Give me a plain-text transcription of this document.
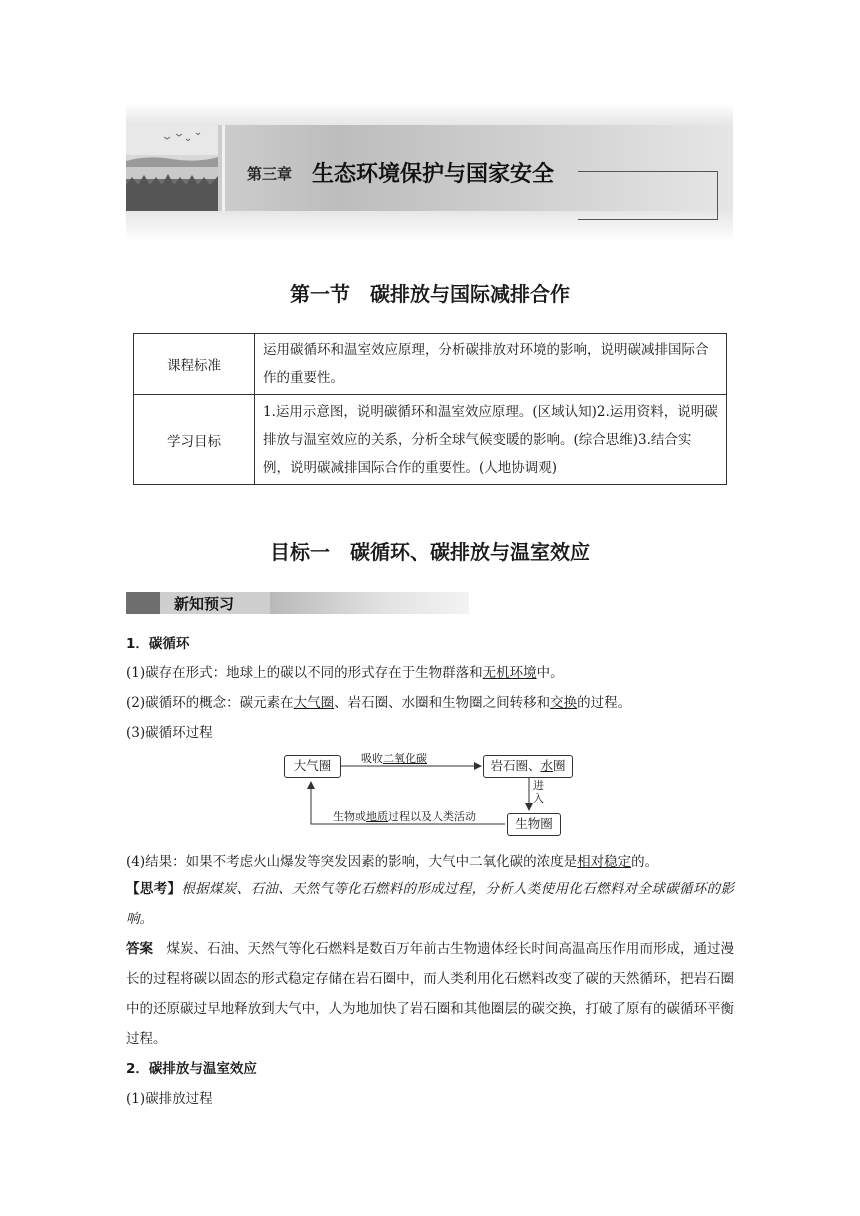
第三章 生态环境保护与国家安全
第一节　碳排放与国际减排合作
课程标准	运用碳循环和温室效应原理，分析碳排放对环境的影响，说明碳减排国际合作的重要性。
学习目标	1.运用示意图，说明碳循环和温室效应原理。(区域认知)2.运用资料，说明碳排放与温室效应的关系，分析全球气候变暖的影响。(综合思维)3.结合实例，说明碳减排国际合作的重要性。(人地协调观)
目标一　碳循环、碳排放与温室效应
新知预习
1．碳循环
(1)碳存在形式：地球上的碳以不同的形式存在于生物群落和无机环境中。
(2)碳循环的概念：碳元素在大气圈、岩石圈、水圈和生物圈之间转移和交换的过程。
(3)碳循环过程
大气圈	岩石圈、水圈
生物圈
吸收二氧化碳
进
入
生物或地质过程以及人类活动
(4)结果：如果不考虑火山爆发等突发因素的影响，大气中二氧化碳的浓度是相对稳定的。
【思考】根据煤炭、石油、天然气等化石燃料的形成过程，分析人类使用化石燃料对全球碳循环的影响。
答案　 煤炭、石油、天然气等化石燃料是数百万年前古生物遗体经长时间高温高压作用而形成，通过漫长的过程将碳以固态的形式稳定存储在岩石圈中，而人类利用化石燃料改变了碳的天然循环，把岩石圈中的还原碳过早地释放到大气中，人为地加快了岩石圈和其他圈层的碳交换，打破了原有的碳循环平衡过程。
2．碳排放与温室效应
(1)碳排放过程
